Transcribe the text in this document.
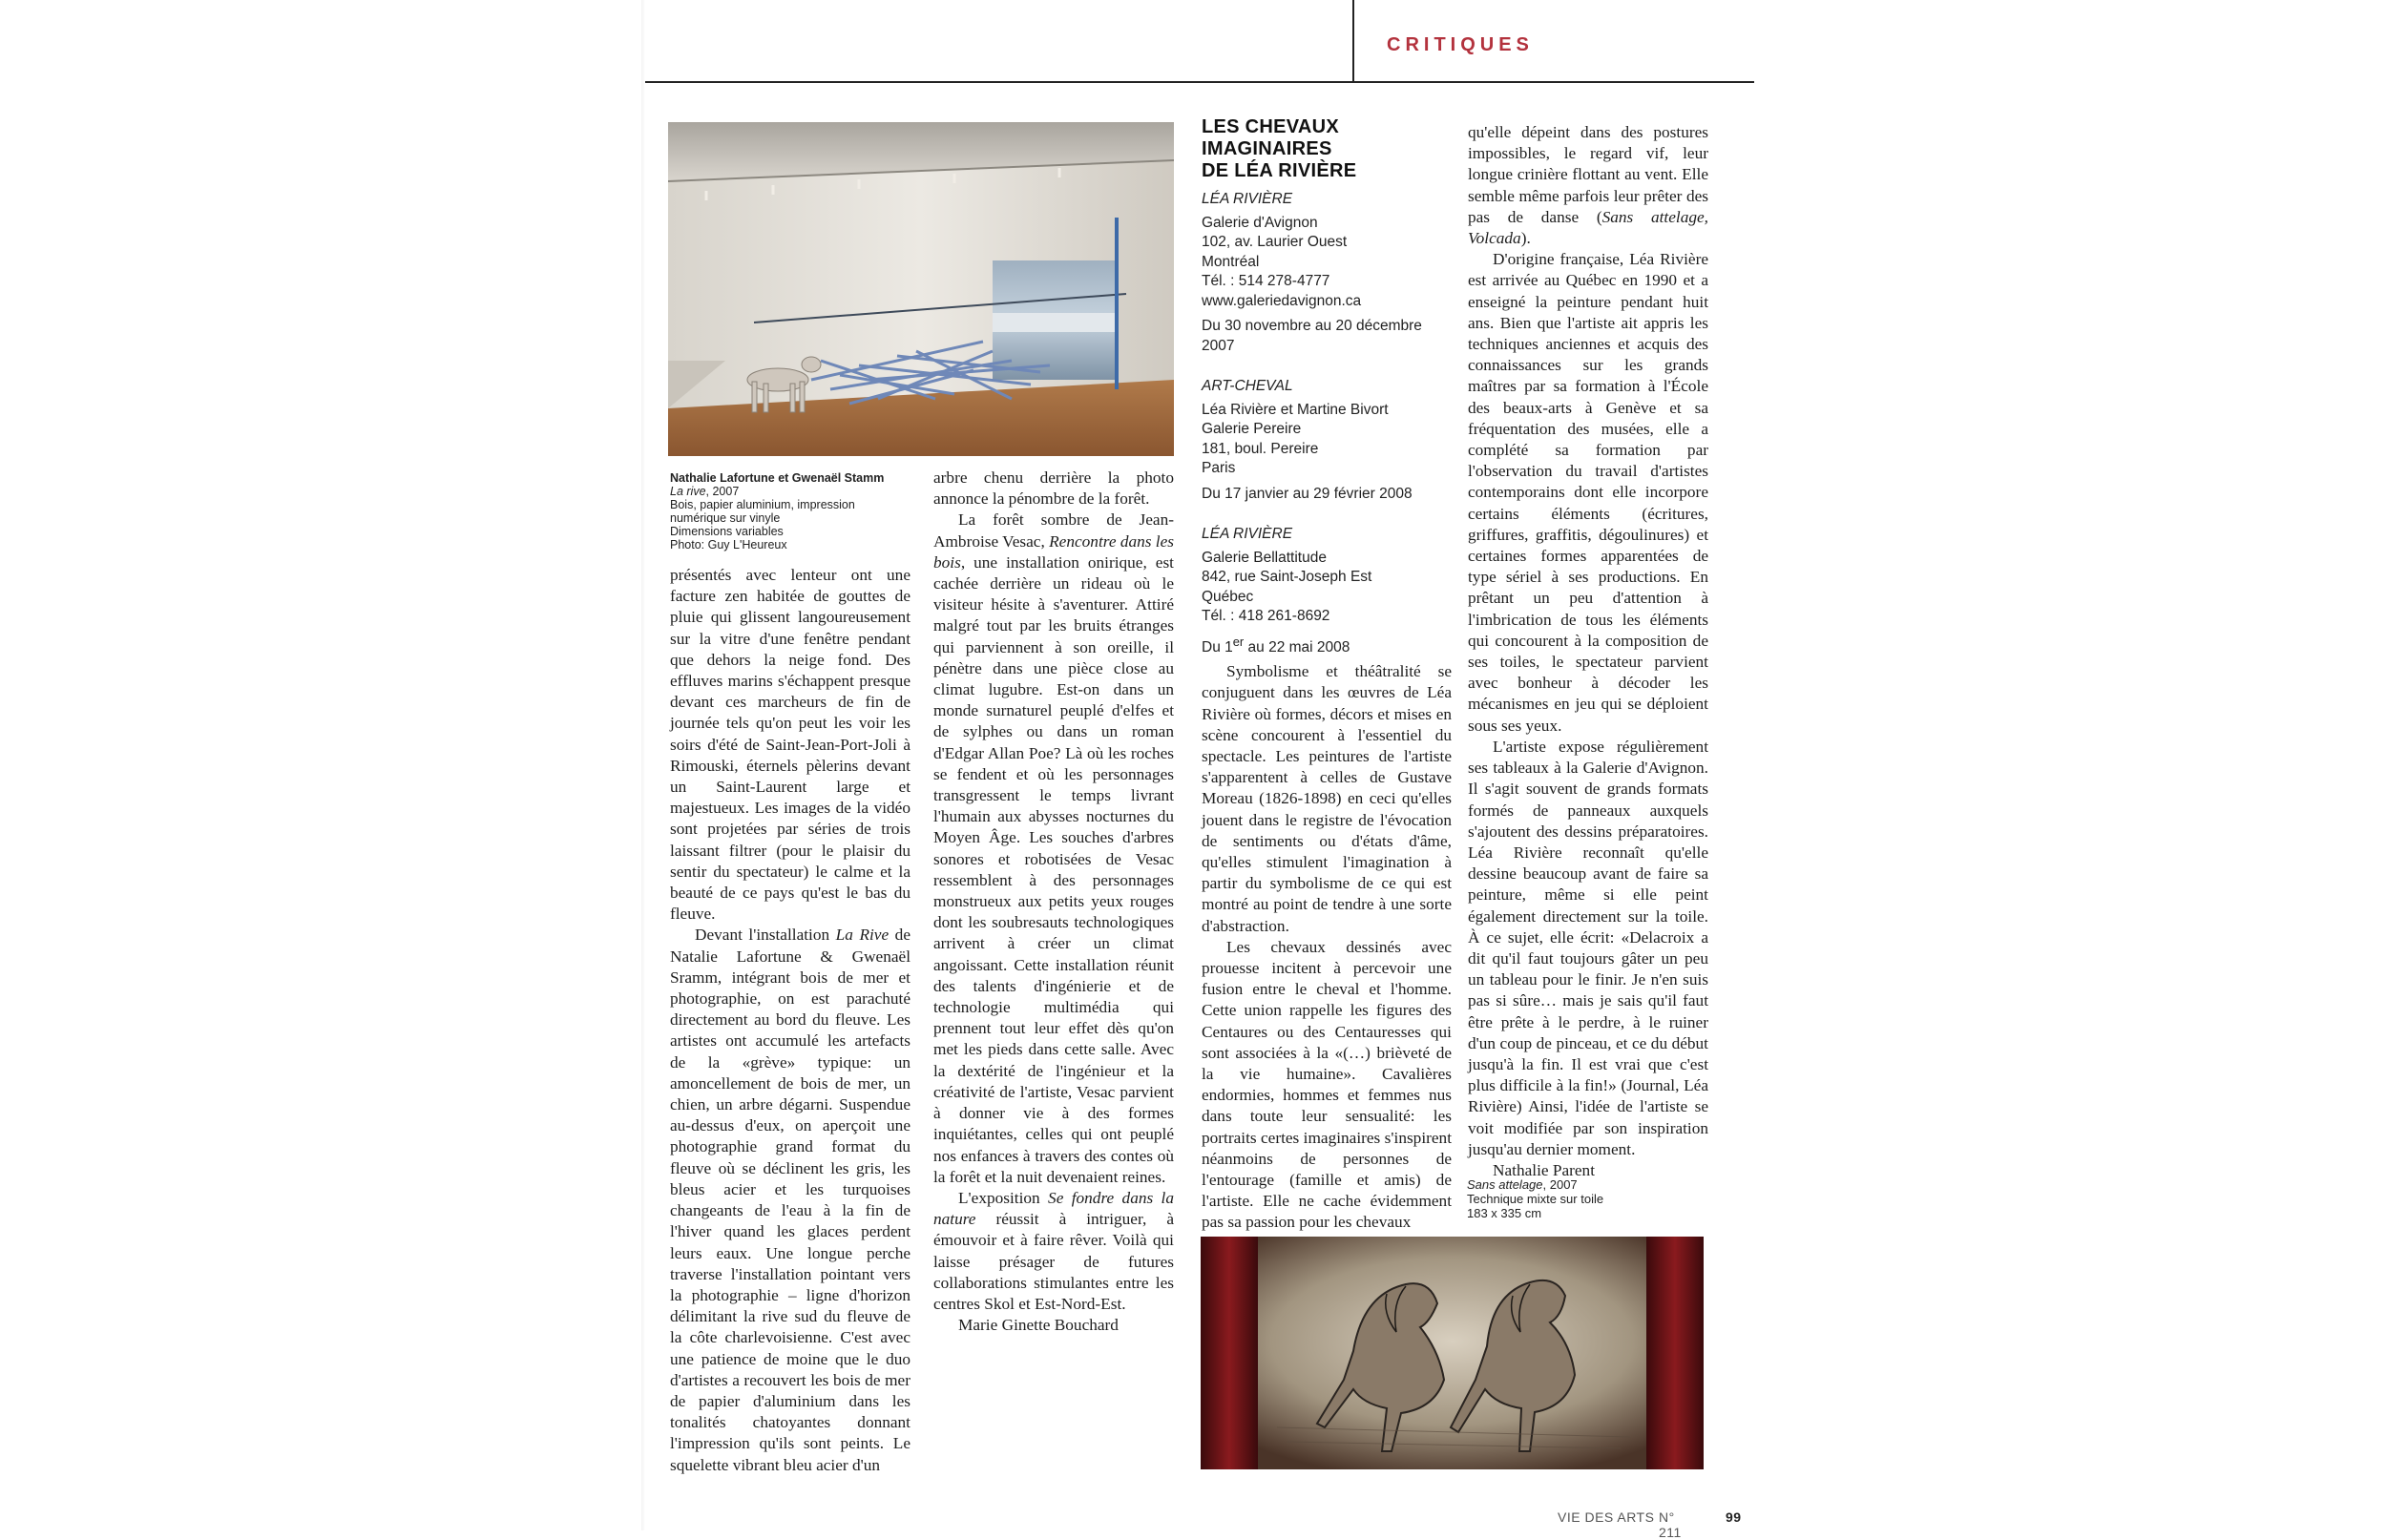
CRITIQUES
Nathalie Lafortune et Gwenaël Stamm
La rive, 2007
Bois, papier aluminium, impression
numérique sur vinyle
Dimensions variables
Photo: Guy L'Heureux

présentés avec lenteur ont une facture zen habitée de gouttes de pluie qui glissent langoureusement sur la vitre d'une fenêtre pendant que dehors la neige fond. Des effluves marins s'échappent presque devant ces marcheurs de fin de journée tels qu'on peut les voir les soirs d'été de Saint-Jean-Port-Joli à Rimouski, éternels pèlerins devant un Saint-Laurent large et majestueux. Les images de la vidéo sont projetées par séries de trois laissant filtrer (pour le plaisir du sentir du spectateur) le calme et la beauté de ce pays qu'est le bas du fleuve.

Devant l'installation La Rive de Natalie Lafortune & Gwenaël Sramm, intégrant bois de mer et photographie, on est parachuté directement au bord du fleuve. Les artistes ont accumulé les artefacts de la «grève» typique: un amoncellement de bois de mer, un chien, un arbre dégarni. Suspendue au-dessus d'eux, on aperçoit une photographie grand format du fleuve où se déclinent les gris, les bleus acier et les turquoises changeants de l'eau à la fin de l'hiver quand les glaces perdent leurs eaux. Une longue perche traverse l'installation pointant vers la photographie – ligne d'horizon délimitant la rive sud du fleuve de la côte charlevoisienne. C'est avec une patience de moine que le duo d'artistes a recouvert les bois de mer de papier d'aluminium dans les tonalités chatoyantes donnant l'impression qu'ils sont peints. Le squelette vibrant bleu acier d'un

arbre chenu derrière la photo annonce la pénombre de la forêt.

La forêt sombre de Jean-Ambroise Vesac, Rencontre dans les bois, une installation onirique, est cachée derrière un rideau où le visiteur hésite à s'aventurer. Attiré malgré tout par les bruits étranges qui parviennent à son oreille, il pénètre dans une pièce close au climat lugubre. Est-on dans un monde surnaturel peuplé d'elfes et de sylphes ou dans un roman d'Edgar Allan Poe? Là où les roches se fendent et où les personnages transgressent le temps livrant l'humain aux abysses nocturnes du Moyen Âge. Les souches d'arbres sonores et robotisées de Vesac ressemblent à des personnages monstrueux aux petits yeux rouges dont les soubresauts technologiques arrivent à créer un climat angoissant. Cette installation réunit des talents d'ingénierie et de technologie multimédia qui prennent tout leur effet dès qu'on met les pieds dans cette salle. Avec la dextérité de l'ingénieur et la créativité de l'artiste, Vesac parvient à donner vie à des formes inquiétantes, celles qui ont peuplé nos enfances à travers des contes où la forêt et la nuit devenaient reines.

L'exposition Se fondre dans la nature réussit à intriguer, à émouvoir et à faire rêver. Voilà qui laisse présager de futures collaborations stimulantes entre les centres Skol et Est-Nord-Est.

Marie Ginette Bouchard

LES CHEVAUX IMAGINAIRES
DE LÉA RIVIÈRE
LÉA RIVIÈRE
Galerie d'Avignon
102, av. Laurier Ouest
Montréal
Tél. : 514 278-4777
www.galeriedavignon.ca
Du 30 novembre au 20 décembre 2007
ART-CHEVAL
Léa Rivière et Martine Bivort
Galerie Pereire
181, boul. Pereire
Paris
Du 17 janvier au 29 février 2008
LÉA RIVIÈRE
Galerie Bellattitude
842, rue Saint-Joseph Est
Québec
Tél. : 418 261-8692
Du 1er au 22 mai 2008

Symbolisme et théâtralité se conjuguent dans les œuvres de Léa Rivière où formes, décors et mises en scène concourent à l'essentiel du spectacle. Les peintures de l'artiste s'apparentent à celles de Gustave Moreau (1826-1898) en ceci qu'elles jouent dans le registre de l'évocation de sentiments ou d'états d'âme, qu'elles stimulent l'imagination à partir du symbolisme de ce qui est montré au point de tendre à une sorte d'abstraction.

Les chevaux dessinés avec prouesse incitent à percevoir une fusion entre le cheval et l'homme. Cette union rappelle les figures des Centaures ou des Centauresses qui sont associées à la «(…) brièveté de la vie humaine». Cavalières endormies, hommes et femmes nus dans toute leur sensualité: les portraits certes imaginaires s'inspirent néanmoins de personnes de l'entourage (famille et amis) de l'artiste. Elle ne cache évidemment pas sa passion pour les chevaux

qu'elle dépeint dans des postures impossibles, le regard vif, leur longue crinière flottant au vent. Elle semble même parfois leur prêter des pas de danse (Sans attelage, Volcada).

D'origine française, Léa Rivière est arrivée au Québec en 1990 et a enseigné la peinture pendant huit ans. Bien que l'artiste ait appris les techniques anciennes et acquis des connaissances sur les grands maîtres par sa formation à l'École des beaux-arts à Genève et sa fréquentation des musées, elle a complété sa formation par l'observation du travail d'artistes contemporains dont elle incorpore certains éléments (écritures, griffures, graffitis, dégoulinures) et certaines formes apparentées de type sériel à ses productions. En prêtant un peu d'attention à l'imbrication de tous les éléments qui concourent à la composition de ses toiles, le spectateur parvient avec bonheur à décoder les mécanismes en jeu qui se déploient sous ses yeux.

L'artiste expose régulièrement ses tableaux à la Galerie d'Avignon. Il s'agit souvent de grands formats formés de panneaux auxquels s'ajoutent des dessins préparatoires. Léa Rivière reconnaît qu'elle dessine beaucoup avant de faire sa peinture, même si elle peint également directement sur la toile. À ce sujet, elle écrit: «Delacroix a dit qu'il faut toujours gâter un peu un tableau pour le finir. Je n'en suis pas si sûre… mais je sais qu'il faut être prête à le perdre, à le ruiner d'un coup de pinceau, et ce du début jusqu'à la fin. Il est vrai que c'est plus difficile à la fin!» (Journal, Léa Rivière) Ainsi, l'idée de l'artiste se voit modifiée par son inspiration jusqu'au dernier moment.

Nathalie Parent

Sans attelage, 2007
Technique mixte sur toile
183 x 335 cm
VIE DES ARTS N° 211
99
